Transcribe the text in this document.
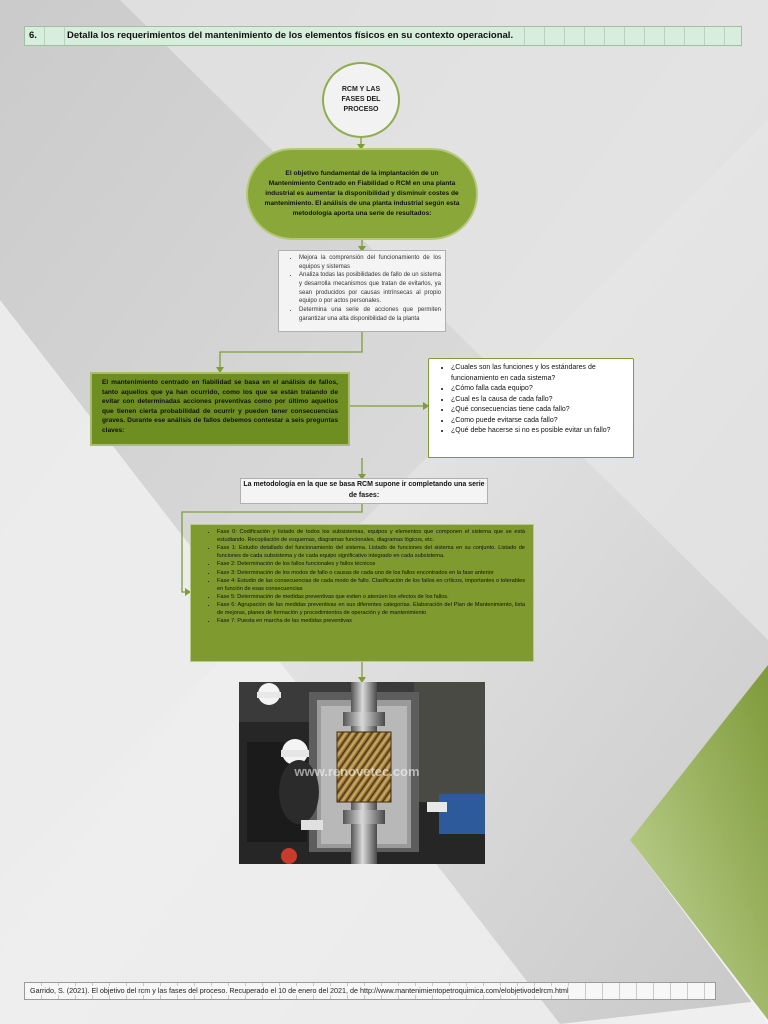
6.	Detalla los requerimientos del mantenimiento de los elementos físicos en su contexto operacional.
RCM Y LAS FASES DEL PROCESO
El objetivo fundamental de la implantación de un Mantenimiento Centrado en Fiabilidad o RCM en una planta industrial es aumentar la disponibilidad y disminuir costes de mantenimiento. El análisis de una planta industrial según esta metodología aporta una serie de resultados:
• Mejora la comprensión del funcionamiento de los equipos y sistemas
• Analiza todas las posibilidades de fallo de un sistema y desarrolla mecanismos que tratan de evitarlos, ya sean producidos por causas intrínsecas al propio equipo o por actos personales.
• Determina una serie de acciones que permiten garantizar una alta disponibilidad de la planta
El mantenimiento centrado en fiabilidad se basa en el análisis de fallos, tanto aquellos que ya han ocurrido, como los que se están tratando de evitar con determinadas acciones preventivas como por último aquellos que tienen cierta probabilidad de ocurrir y pueden tener consecuencias graves. Durante ese análisis de fallos debemos contestar a seis preguntas claves:
• ¿Cuales son las funciones y los estándares de funcionamiento en cada sistema?
• ¿Cómo falla cada equipo?
• ¿Cual es la causa de cada fallo?
• ¿Qué consecuencias tiene cada fallo?
• ¿Como puede evitarse cada fallo?
• ¿Qué debe hacerse si no es posible evitar un fallo?
La metodología en la que se basa RCM supone ir completando una serie de fases:
• Fase 0: Codificación y listado de todos los subsistemas, equipos y elementos que componen el sistema que se está estudiando. Recopilación de esquemas, diagramas funcionales, diagramas lógicos, etc.
• Fase 1: Estudio detallado del funcionamiento del sistema. Listado de funciones del sistema en su conjunto. Listado de funciones de cada subsistema y de cada equipo significativo integrado en cada subsistema.
• Fase 2: Determinación de los fallos funcionales y fallos técnicos
• Fase 3: Determinación de los modos de fallo o causas de cada uno de los fallos encontrados en la fase anterior
• Fase 4: Estudio de las consecuencias de cada modo de fallo. Clasificación de los fallos en críticos, importantes o tolerables en función de esas consecuencias
• Fase 5: Determinación de medidas preventivas que eviten o atenúen los efectos de los fallos.
• Fase 6: Agrupación de las medidas preventivas en sus diferentes categorías. Elaboración del Plan de Mantenimiento, lista de mejoras, planes de formación y procedimientos de operación y de mantenimiento
• Fase 7: Puesta en marcha de las medidas preventivas
www.renovetec.com
Garrido, S. (2021). El objetivo del rcm y las fases del proceso. Recuperado el 10 de enero del 2021, de http://www.mantenimientopetroquimica.com/elobjetivodelrcm.html
